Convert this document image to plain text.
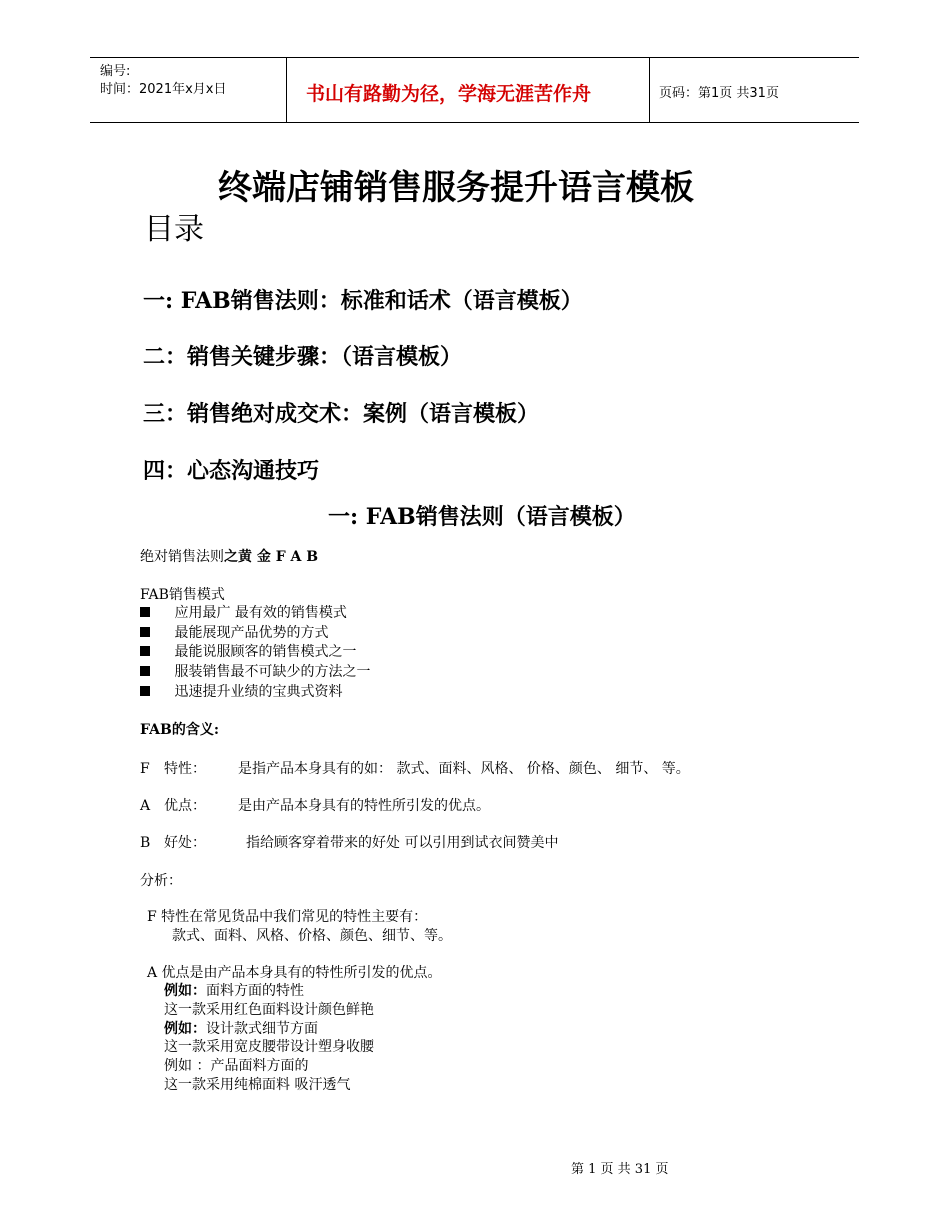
编号:
时间：2021年x月x日	书山有路勤为径，学海无涯苦作舟	页码：第1页 共31页
终端店铺销售服务提升语言模板
目录
一: FAB销售法则：标准和话术（语言模板）
二：销售关键步骤：（语言模板）
三：销售绝对成交术：案例（语言模板）
四：心态沟通技巧
一: FAB销售法则（语言模板）
绝对销售法则之黄 金 F A B
FAB销售模式
应用最广 最有效的销售模式
最能展现产品优势的方式
最能说服顾客的销售模式之一
服装销售最不可缺少的方法之一
迅速提升业绩的宝典式资料
FAB的含义:
F 特性： 是指产品本身具有的如： 款式、面料、风格、 价格、颜色、 细节、 等。
A 优点： 是由产品本身具有的特性所引发的优点。
B 好处：	指给顾客穿着带来的好处 可以引用到试衣间赞美中
分析：
F 特性在常见货品中我们常见的特性主要有：
款式、面料、风格、价格、颜色、细节、等。
A 优点是由产品本身具有的特性所引发的优点。
例如：面料方面的特性
这一款采用红色面料设计颜色鲜艳
例如：设计款式细节方面
这一款采用宽皮腰带设计塑身收腰
例如 ：产品面料方面的
这一款采用纯棉面料 吸汗透气
第 1 页 共 31 页
